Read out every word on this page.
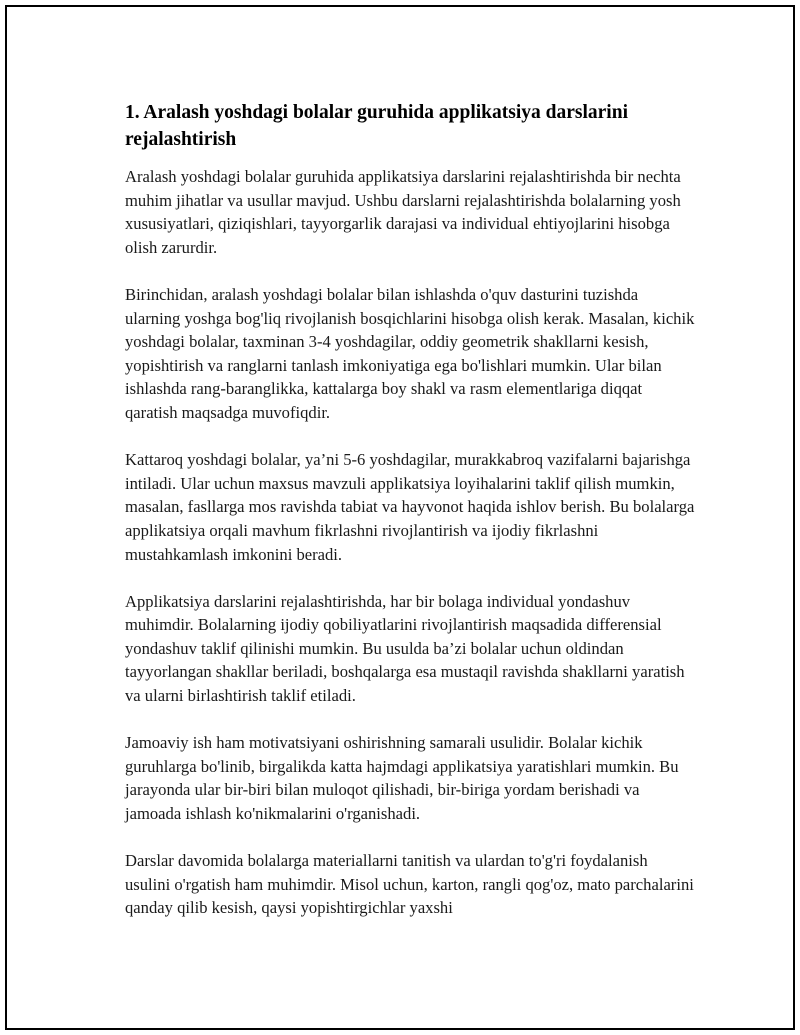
1. Aralash yoshdagi bolalar guruhida applikatsiya darslarini rejalashtirish

Aralash yoshdagi bolalar guruhida applikatsiya darslarini rejalashtirishda bir nechta muhim jihatlar va usullar mavjud. Ushbu darslarni rejalashtirishda bolalarning yosh xususiyatlari, qiziqishlari, tayyorgarlik darajasi va individual ehtiyojlarini hisobga olish zarurdir.

Birinchidan, aralash yoshdagi bolalar bilan ishlashda o'quv dasturini tuzishda ularning yoshga bog'liq rivojlanish bosqichlarini hisobga olish kerak. Masalan, kichik yoshdagi bolalar, taxminan 3-4 yoshdagilar, oddiy geometrik shakllarni kesish, yopishtirish va ranglarni tanlash imkoniyatiga ega bo'lishlari mumkin. Ular bilan ishlashda rang-baranglikka, kattalarga boy shakl va rasm elementlariga diqqat qaratish maqsadga muvofiqdir.

Kattaroq yoshdagi bolalar, ya’ni 5-6 yoshdagilar, murakkabroq vazifalarni bajarishga intiladi. Ular uchun maxsus mavzuli applikatsiya loyihalarini taklif qilish mumkin, masalan, fasllarga mos ravishda tabiat va hayvonot haqida ishlov berish. Bu bolalarga applikatsiya orqali mavhum fikrlashni rivojlantirish va ijodiy fikrlashni mustahkamlash imkonini beradi.

Applikatsiya darslarini rejalashtirishda, har bir bolaga individual yondashuv muhimdir. Bolalarning ijodiy qobiliyatlarini rivojlantirish maqsadida differensial yondashuv taklif qilinishi mumkin. Bu usulda ba’zi bolalar uchun oldindan tayyorlangan shakllar beriladi, boshqalarga esa mustaqil ravishda shakllarni yaratish va ularni birlashtirish taklif etiladi.

Jamoaviy ish ham motivatsiyani oshirishning samarali usulidir. Bolalar kichik guruhlarga bo'linib, birgalikda katta hajmdagi applikatsiya yaratishlari mumkin. Bu jarayonda ular bir-biri bilan muloqot qilishadi, bir-biriga yordam berishadi va jamoada ishlash ko'nikmalarini o'rganishadi.

Darslar davomida bolalarga materiallarni tanitish va ulardan to'g'ri foydalanish usulini o'rgatish ham muhimdir. Misol uchun, karton, rangli qog'oz, mato parchalarini qanday qilib kesish, qaysi yopishtirgichlar yaxshi
